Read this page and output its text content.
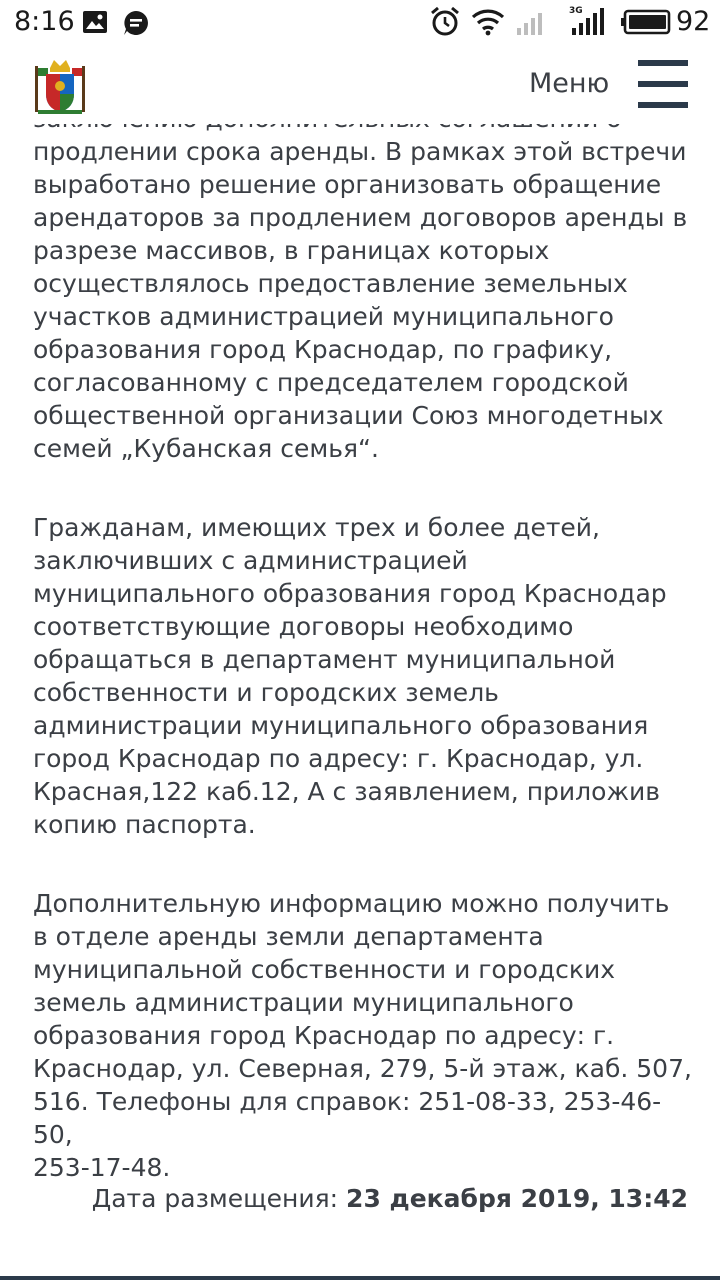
8:16	3G	92
Меню

продлении срока аренды. В рамках этой встречи
выработано решение организовать обращение
арендаторов за продлением договоров аренды в
разрезе массивов, в границах которых
осуществлялось предоставление земельных
участков администрацией муниципального
образования город Краснодар, по графику,
согласованному с председателем городской
общественной организации Союз многодетных
семей „Кубанская семья“.

Гражданам, имеющих трех и более детей,
заключивших с администрацией
муниципального образования город Краснодар
соответствующие договоры необходимо
обращаться в департамент муниципальной
собственности и городских земель
администрации муниципального образования
город Краснодар по адресу: г. Краснодар, ул.
Красная,122 каб.12, А с заявлением, приложив
копию паспорта.

Дополнительную информацию можно получить
в отделе аренды земли департамента
муниципальной собственности и городских
земель администрации муниципального
образования город Краснодар по адресу: г.
Краснодар, ул. Северная, 279, 5-й этаж, каб. 507,
516. Телефоны для справок: 251-08-33, 253-46-50,
253-17-48.

Дата размещения: 23 декабря 2019, 13:42
